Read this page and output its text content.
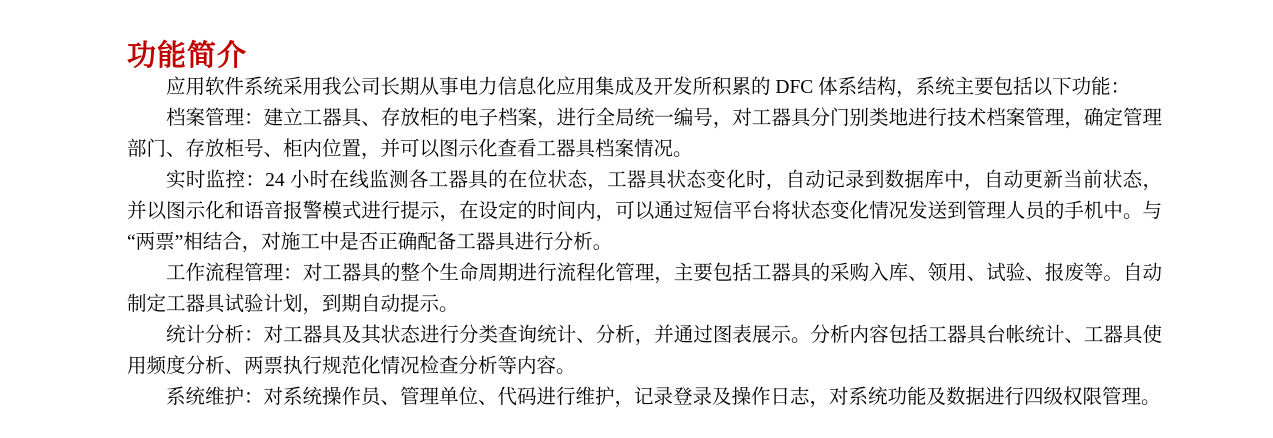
功能简介

应用软件系统采用我公司长期从事电力信息化应用集成及开发所积累的 DFC 体系结构，系统主要包括以下功能：

档案管理：建立工器具、存放柜的电子档案，进行全局统一编号，对工器具分门别类地进行技术档案管理，确定管理部门、存放柜号、柜内位置，并可以图示化查看工器具档案情况。

实时监控：24 小时在线监测各工器具的在位状态，工器具状态变化时，自动记录到数据库中，自动更新当前状态，并以图示化和语音报警模式进行提示，在设定的时间内，可以通过短信平台将状态变化情况发送到管理人员的手机中。与“两票”相结合，对施工中是否正确配备工器具进行分析。

工作流程管理：对工器具的整个生命周期进行流程化管理，主要包括工器具的采购入库、领用、试验、报废等。自动制定工器具试验计划，到期自动提示。

统计分析：对工器具及其状态进行分类查询统计、分析，并通过图表展示。分析内容包括工器具台帐统计、工器具使用频度分析、两票执行规范化情况检查分析等内容。

系统维护：对系统操作员、管理单位、代码进行维护，记录登录及操作日志，对系统功能及数据进行四级权限管理。
